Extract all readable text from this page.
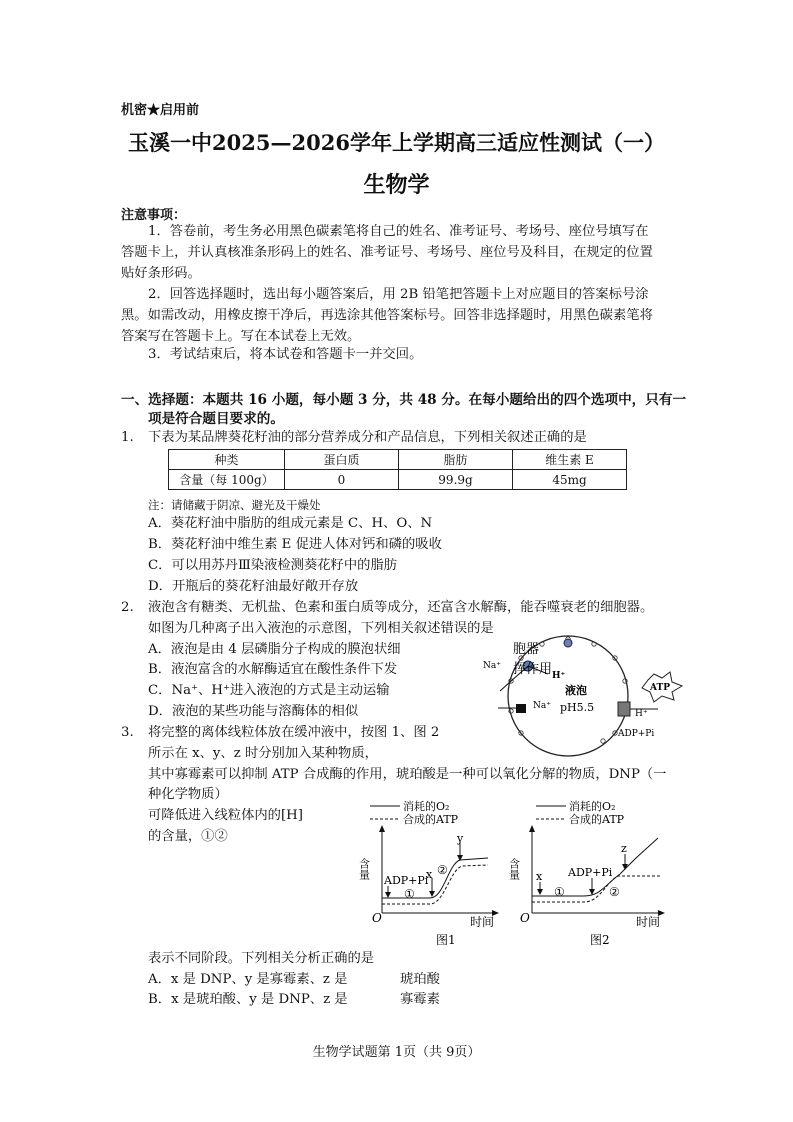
机密★启用前
玉溪一中2025—2026学年上学期高三适应性测试（一）
生物学
注意事项：
1．答卷前，考生务必用黑色碳素笔将自己的姓名、准考证号、考场号、座位号填写在
答题卡上，并认真核准条形码上的姓名、准考证号、考场号、座位号及科目，在规定的位置
贴好条形码。
2．回答选择题时，选出每小题答案后，用 2B 铅笔把答题卡上对应题目的答案标号涂
黑。如需改动，用橡皮擦干净后，再选涂其他答案标号。回答非选择题时，用黑色碳素笔将
答案写在答题卡上。写在本试卷上无效。
3．考试结束后，将本试卷和答题卡一并交回。
一、选择题：本题共 16 小题，每小题 3 分，共 48 分。在每小题给出的四个选项中，只有一
项是符合题目要求的。
1. 下表为某品牌葵花籽油的部分营养成分和产品信息，下列相关叙述正确的是
种类	蛋白质	脂肪	维生素 E
含量（每 100g）	0	99.9g	45mg
注：请储藏于阴凉、避光及干燥处
A．葵花籽油中脂肪的组成元素是 C、H、O、N
B．葵花籽油中维生素 E 促进人体对钙和磷的吸收
C．可以用苏丹Ⅲ染液检测葵花籽中的脂肪
D．开瓶后的葵花籽油最好敞开存放
2. 液泡含有糖类、无机盐、色素和蛋白质等成分，还富含水解酶，能吞噬衰老的细胞器。
如图为几种离子出入液泡的示意图，下列相关叙述错误的是
A．液泡是由 4 层磷脂分子构成的膜泡状细
B．液泡富含的水解酶适宜在酸性条件下发
C．Na⁺、H⁺进入液泡的方式是主动运输
D．液泡的某些功能与溶酶体的相似
胞器
挥作用
Na⁺
H⁺
Na⁺
液泡
pH5.5
ATP
H⁺
ADP+Pi
3. 将完整的离体线粒体放在缓冲液中，按图 1、图 2
所示在 x、y、z 时分别加入某种物质，
其中寡霉素可以抑制 ATP 合成酶的作用，琥珀酸是一种可以氧化分解的物质，DNP（一
种化学物质）
可降低进入线粒体内的[H]
的含量，①②
消耗的O₂
合成的ATP
含量
ADP+Pi
x
y
①
②
O	时间
图1
消耗的O₂
合成的ATP
含量 x ADP+Pi
z
①	②
O	时间
图2
表示不同阶段。下列相关分析正确的是
A．x 是 DNP、y 是寡霉素、z 是	琥珀酸
B．x 是琥珀酸、y 是 DNP、z 是	寡霉素
生物学试题第 1页（共 9页）
